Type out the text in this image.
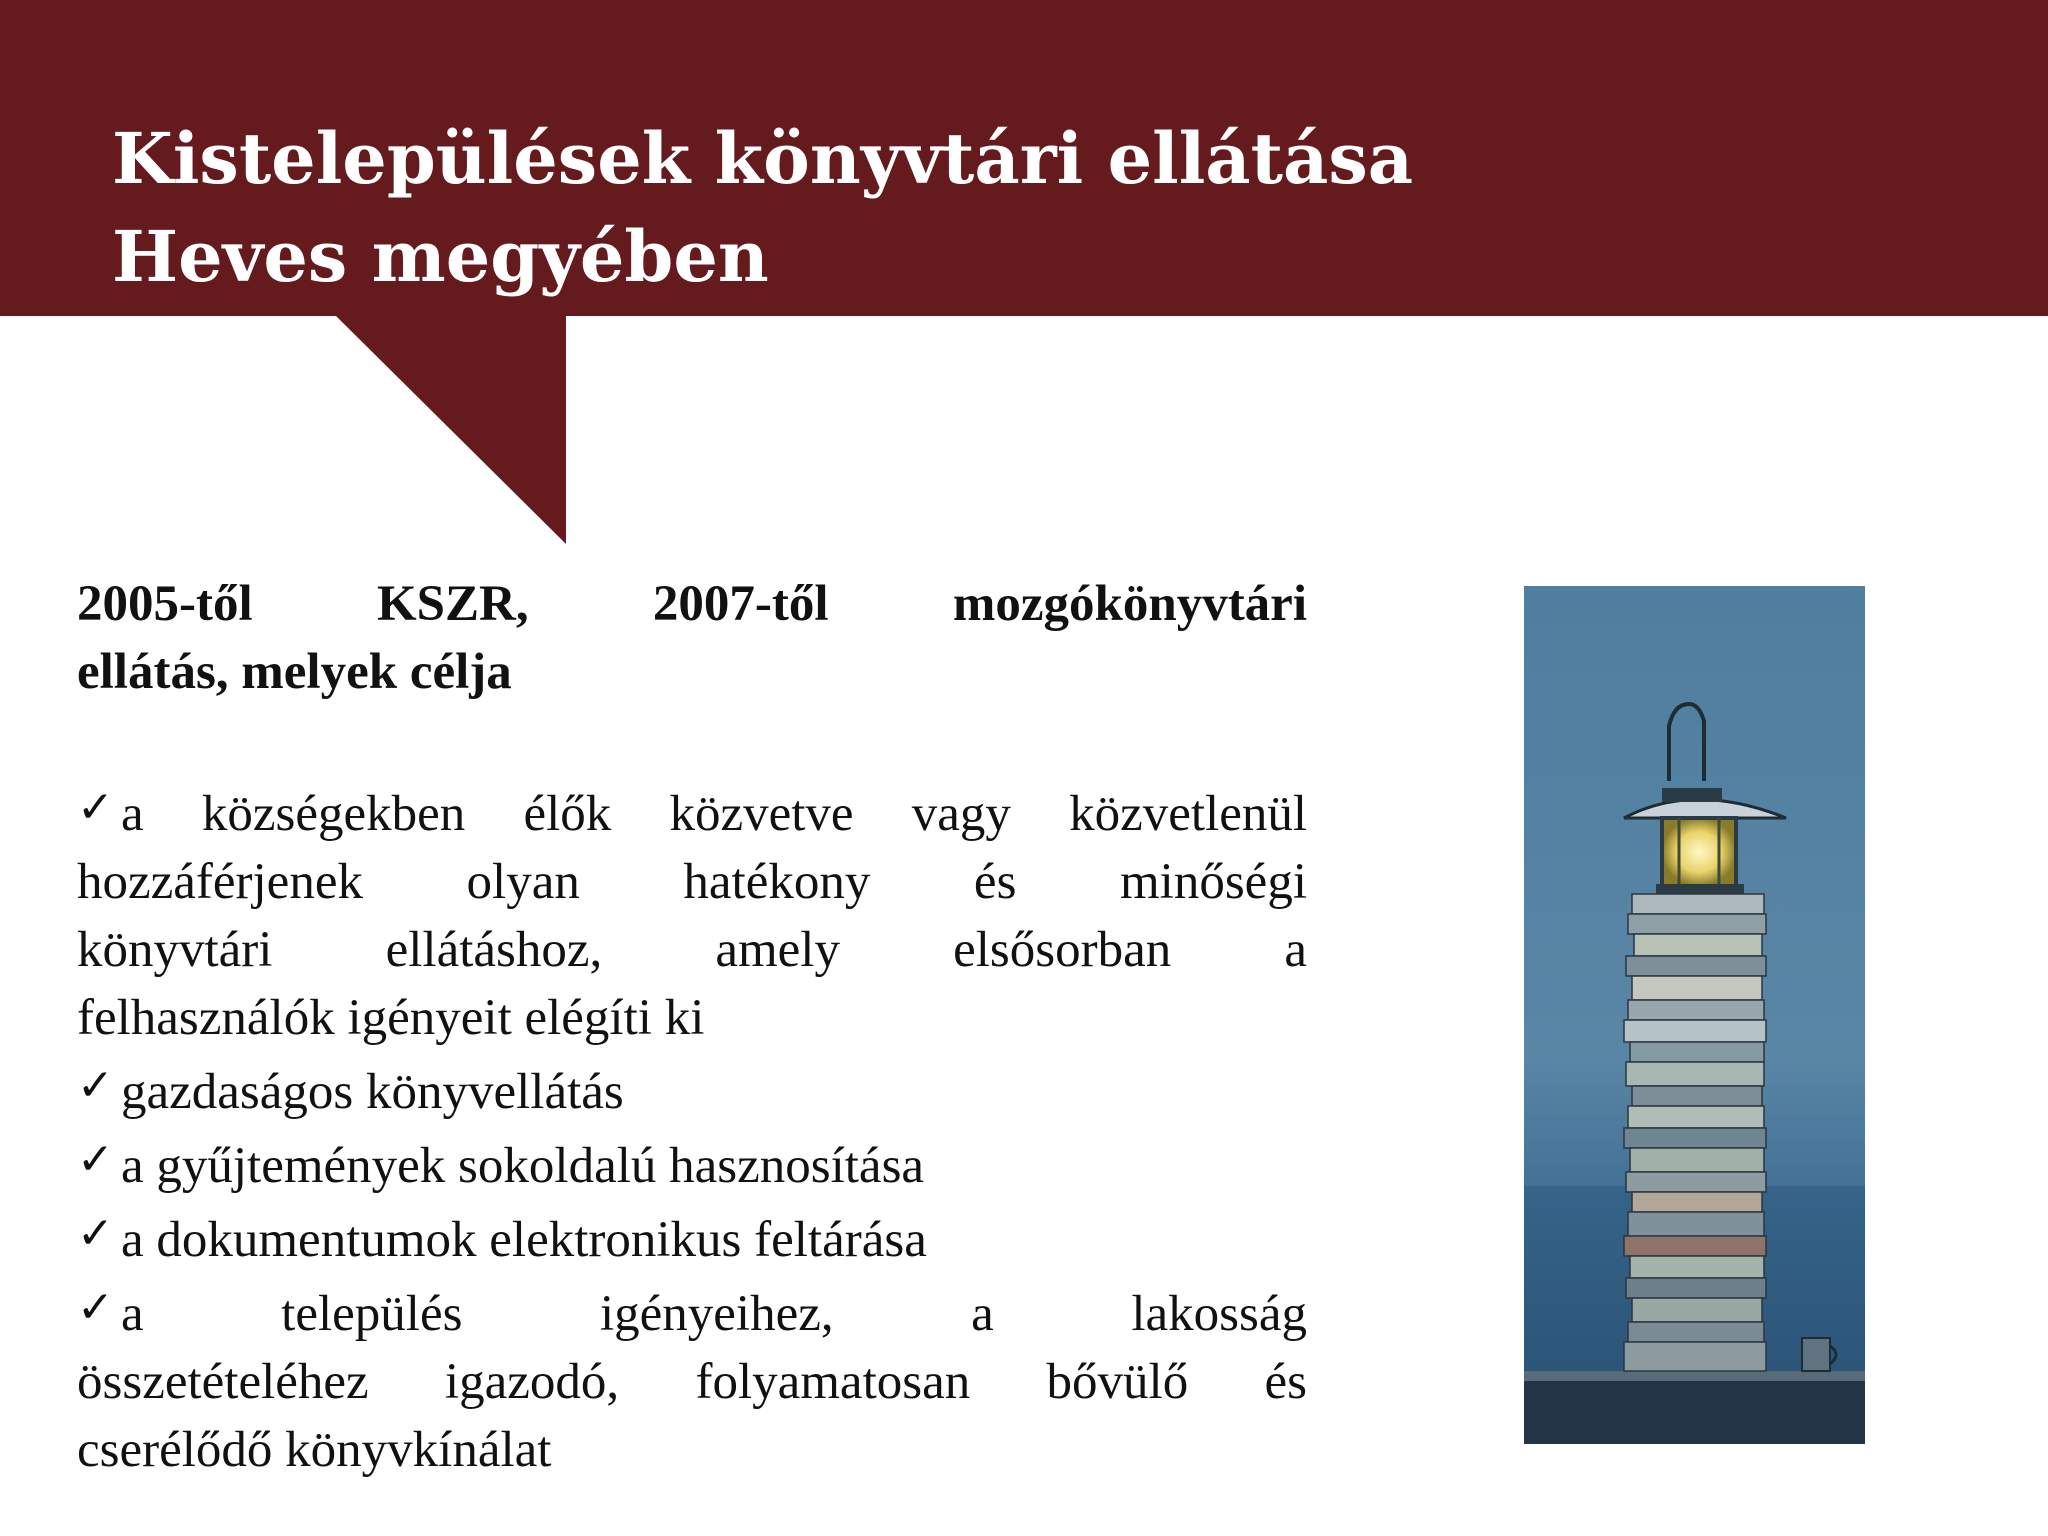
Kistelepülések könyvtári ellátása
Heves megyében

2005-től KSZR, 2007-től mozgókönyvtári
ellátás, melyek célja

✓ a községekben élők közvetve vagy közvetlenül
hozzáférjenek olyan hatékony és minőségi
könyvtári ellátáshoz, amely elsősorban a
felhasználók igényeit elégíti ki
✓ gazdaságos könyvellátás
✓ a gyűjtemények sokoldalú hasznosítása
✓ a dokumentumok elektronikus feltárása
✓ a település igényeihez, a lakosság
összetételéhez igazodó, folyamatosan bővülő és
cserélődő könyvkínálat
